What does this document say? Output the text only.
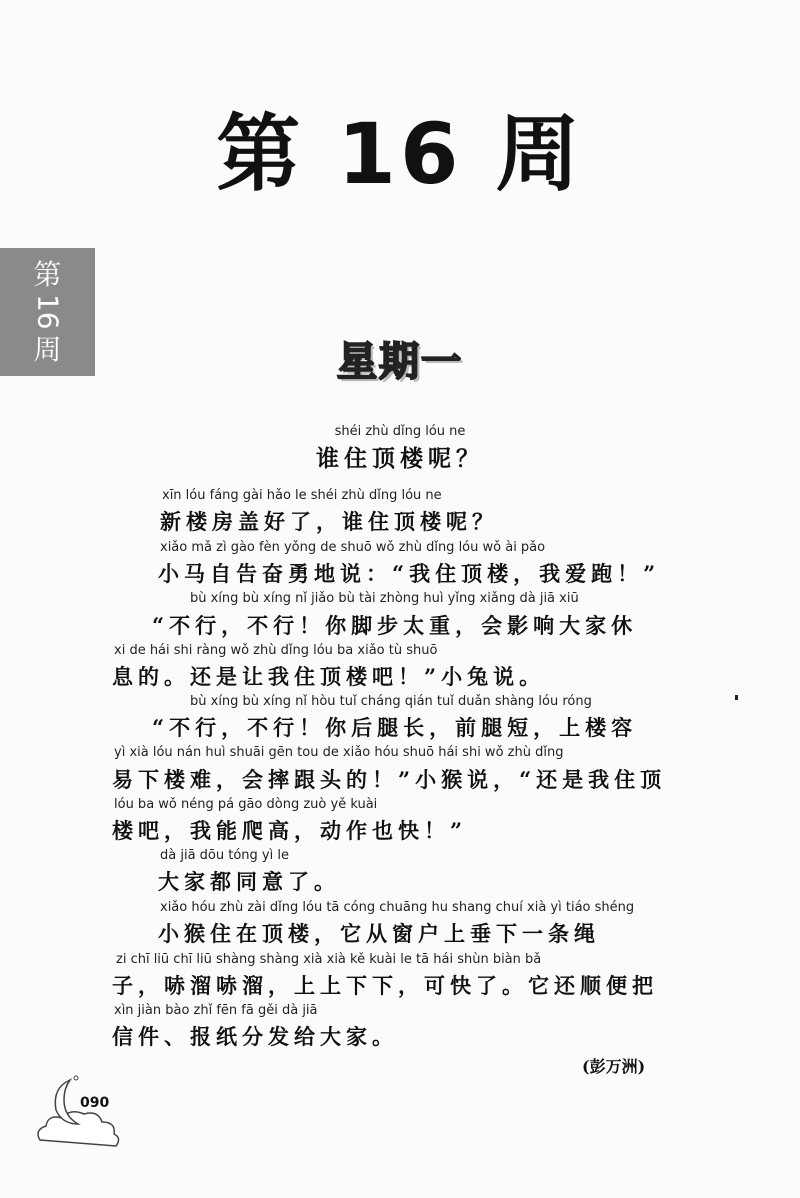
第 16 周
第
16
周	星期一
shéi zhù dǐng lóu ne
谁住顶楼呢？
xīn lóu fáng gài hǎo le shéi zhù dǐng lóu ne
新楼房盖好了，谁住顶楼呢？
xiǎo mǎ zì gào fèn yǒng de shuō wǒ zhù dǐng lóu wǒ ài pǎo
小马自告奋勇地说：“我住顶楼，我爱跑！”
bù xíng bù xíng nǐ jiǎo bù tài zhòng huì yǐng xiǎng dà jiā xiū
“不行，不行！你脚步太重，会影响大家休
xi de hái shi ràng wǒ zhù dǐng lóu ba xiǎo tù shuō
息的。还是让我住顶楼吧！”小兔说。
bù xíng bù xíng nǐ hòu tuǐ cháng qián tuǐ duǎn shàng lóu róng
“不行，不行！你后腿长，前腿短，上楼容
yì xià lóu nán huì shuāi gēn tou de xiǎo hóu shuō hái shi wǒ zhù dǐng
易下楼难，会摔跟头的！”小猴说，“还是我住顶
lóu ba wǒ néng pá gāo dòng zuò yě kuài
楼吧，我能爬高，动作也快！”
dà jiā dōu tóng yì le
大家都同意了。
xiǎo hóu zhù zài dǐng lóu tā cóng chuāng hu shang chuí xià yì tiáo shéng
小猴住在顶楼，它从窗户上垂下一条绳
zi chī liū chī liū shàng shàng xià xià kě kuài le tā hái shùn biàn bǎ
子，哧溜哧溜，上上下下，可快了。它还顺便把
xìn jiàn bào zhǐ fēn fā gěi dà jiā
信件、报纸分发给大家。
(彭万洲)
090
